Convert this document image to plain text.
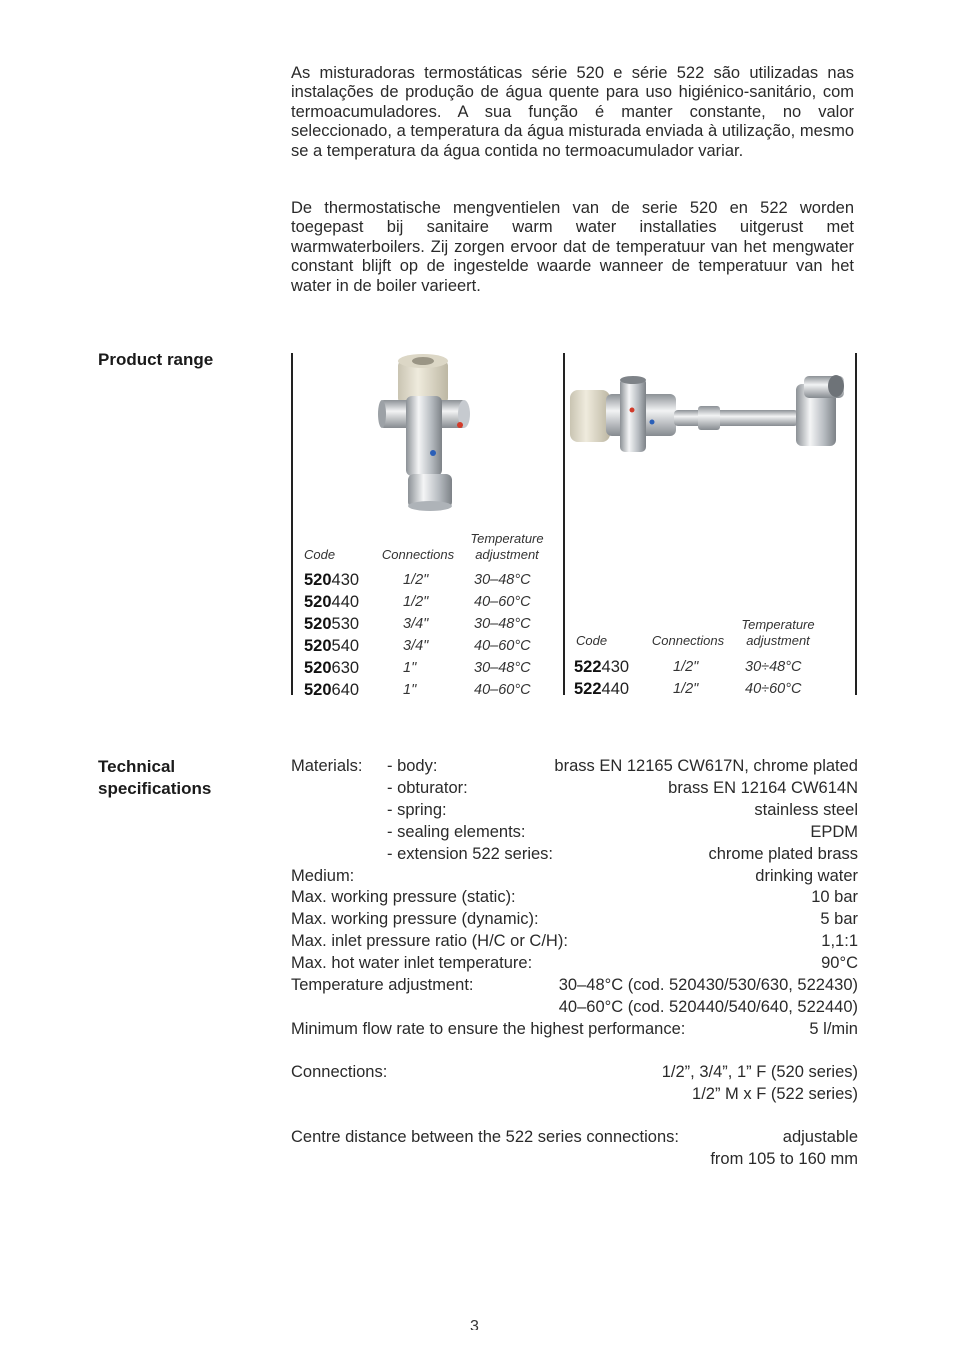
As misturadoras termostáticas série 520 e série 522 são utilizadas nas instalações de produção de água quente para uso higiénico-sanitário, com termoacumuladores. A sua função é manter constante, no valor seleccionado, a temperatura da água misturada enviada à utilização, mesmo se a temperatura da água contida no termoacumulador variar.

De thermostatische mengventielen van de serie 520 en 522 worden toegepast bij sanitaire warm water installaties uitgerust met warmwaterboilers. Zij zorgen ervoor dat de temperatuur van het mengwater constant blijft op de ingestelde waarde wanneer de temperatuur van het water in de boiler varieert.

Product range

Code	Connections
Temperature
adjustment
520430	1/2"	30–48°C
520440	1/2"	40–60°C
520530	3/4"	30–48°C
520540	3/4"	40–60°C
520630	1"	30–48°C
520640	1"	40–60°C
Code	Connections
Temperature
adjustment
522430	1/2"	30÷48°C
522440	1/2"	40÷60°C

Technical
specifications

Materials: - body:	brass EN 12165 CW617N, chrome plated
- obturator:	brass EN 12164 CW614N
- spring:	stainless steel
- sealing elements:	EPDM
- extension 522 series:	chrome plated brass
Medium:	drinking water
Max. working pressure (static):	10 bar
Max. working pressure (dynamic):	5 bar
Max. inlet pressure ratio (H/C or C/H):	1,1:1
Max. hot water inlet temperature:	90°C
Temperature adjustment:	30–48°C (cod. 520430/530/630, 522430)
40–60°C (cod. 520440/540/640, 522440)
Minimum flow rate to ensure the highest performance:	5 l/min
Connections:	1/2”, 3/4”, 1” F (520 series)
1/2” M x F (522 series)
Centre distance between the 522 series connections:	adjustable
from 105 to 160 mm
3
